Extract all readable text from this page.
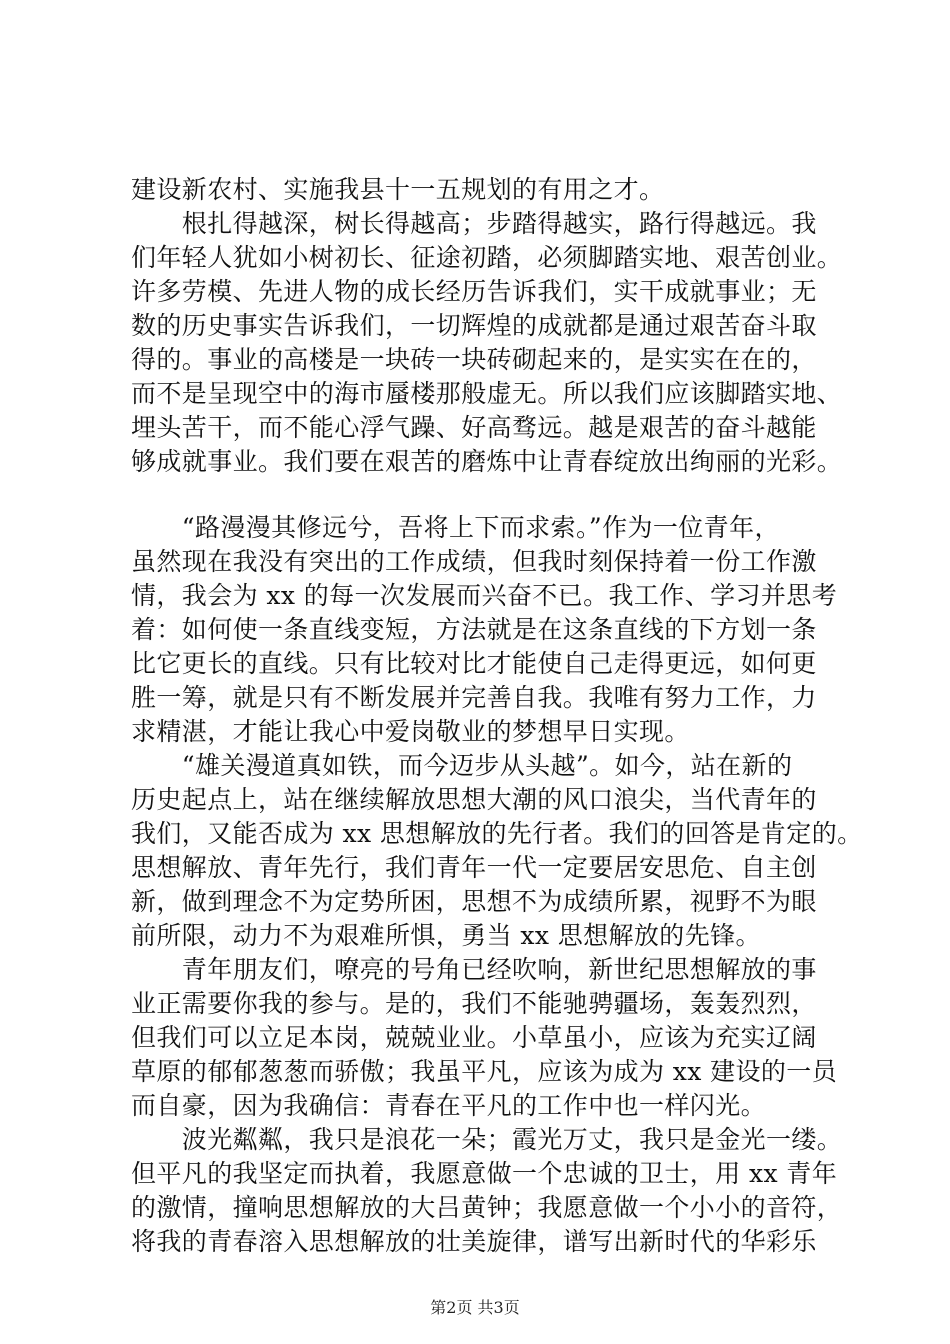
建设新农村、实施我县十一五规划的有用之才。
　　根扎得越深，树长得越高；步踏得越实，路行得越远。我
们年轻人犹如小树初长、征途初踏，必须脚踏实地、艰苦创业。
许多劳模、先进人物的成长经历告诉我们，实干成就事业；无
数的历史事实告诉我们，一切辉煌的成就都是通过艰苦奋斗取
得的。事业的高楼是一块砖一块砖砌起来的，是实实在在的，
而不是呈现空中的海市蜃楼那般虚无。所以我们应该脚踏实地、
埋头苦干，而不能心浮气躁、好高骛远。越是艰苦的奋斗越能
够成就事业。我们要在艰苦的磨炼中让青春绽放出绚丽的光彩。
　　“路漫漫其修远兮，吾将上下而求索。”作为一位青年，
虽然现在我没有突出的工作成绩，但我时刻保持着一份工作激
情，我会为 xx 的每一次发展而兴奋不已。我工作、学习并思考
着：如何使一条直线变短，方法就是在这条直线的下方划一条
比它更长的直线。只有比较对比才能使自己走得更远，如何更
胜一筹，就是只有不断发展并完善自我。我唯有努力工作，力
求精湛，才能让我心中爱岗敬业的梦想早日实现。
　　“雄关漫道真如铁，而今迈步从头越”。如今，站在新的
历史起点上，站在继续解放思想大潮的风口浪尖，当代青年的
我们，又能否成为 xx 思想解放的先行者。我们的回答是肯定的。
思想解放、青年先行，我们青年一代一定要居安思危、自主创
新，做到理念不为定势所困，思想不为成绩所累，视野不为眼
前所限，动力不为艰难所惧，勇当 xx 思想解放的先锋。
　　青年朋友们，嘹亮的号角已经吹响，新世纪思想解放的事
业正需要你我的参与。是的，我们不能驰骋疆场，轰轰烈烈，
但我们可以立足本岗，兢兢业业。小草虽小，应该为充实辽阔
草原的郁郁葱葱而骄傲；我虽平凡，应该为成为 xx 建设的一员
而自豪，因为我确信：青春在平凡的工作中也一样闪光。
　　波光粼粼，我只是浪花一朵；霞光万丈，我只是金光一缕。
但平凡的我坚定而执着，我愿意做一个忠诚的卫士，用 xx 青年
的激情，撞响思想解放的大吕黄钟；我愿意做一个小小的音符，
将我的青春溶入思想解放的壮美旋律，谱写出新时代的华彩乐
第2页 共3页
